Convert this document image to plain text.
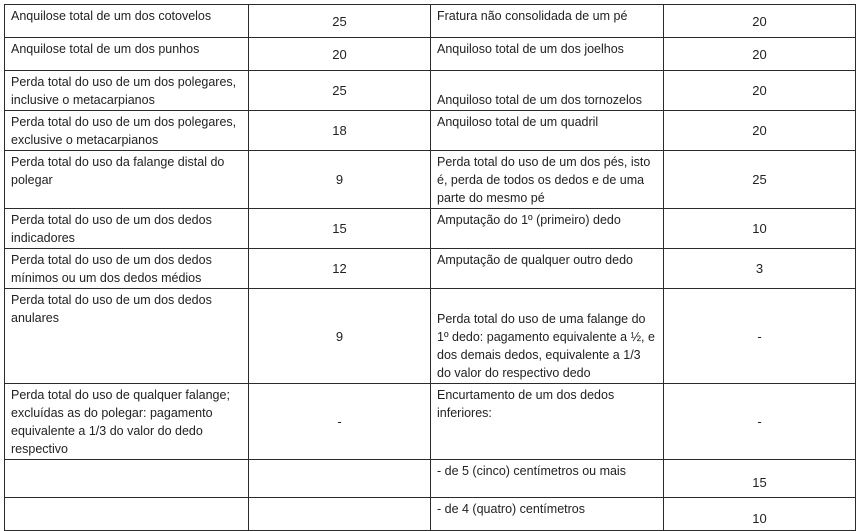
Anquilose total de um dos cotovelos	25	Fratura não consolidada de um pé	20
Anquilose total de um dos punhos	20	Anquiloso total de um dos joelhos	20
Perda total do uso de um dos polegares, inclusive o metacarpianos	25	Anquiloso total de um dos tornozelos	20
Perda total do uso de um dos polegares, exclusive o metacarpianos	18	Anquiloso total de um quadril	20
Perda total do uso da falange distal do polegar	9	Perda total do uso de um dos pés, isto é, perda de todos os dedos e de uma parte do mesmo pé	25
Perda total do uso de um dos dedos indicadores	15	Amputação do 1º (primeiro) dedo	10
Perda total do uso de um dos dedos mínimos ou um dos dedos médios	12	Amputação de qualquer outro dedo	3
Perda total do uso de um dos dedos anulares	9	Perda total do uso de uma falange do 1º dedo: pagamento equivalente a ½, e dos demais dedos, equivalente a 1/3 do valor do respectivo dedo	-
Perda total do uso de qualquer falange; excluídas as do polegar: pagamento equivalente a 1/3 do valor do dedo respectivo	-	Encurtamento de um dos dedos inferiores:	-
		- de 5 (cinco) centímetros ou mais	15
		- de 4 (quatro) centímetros	10
